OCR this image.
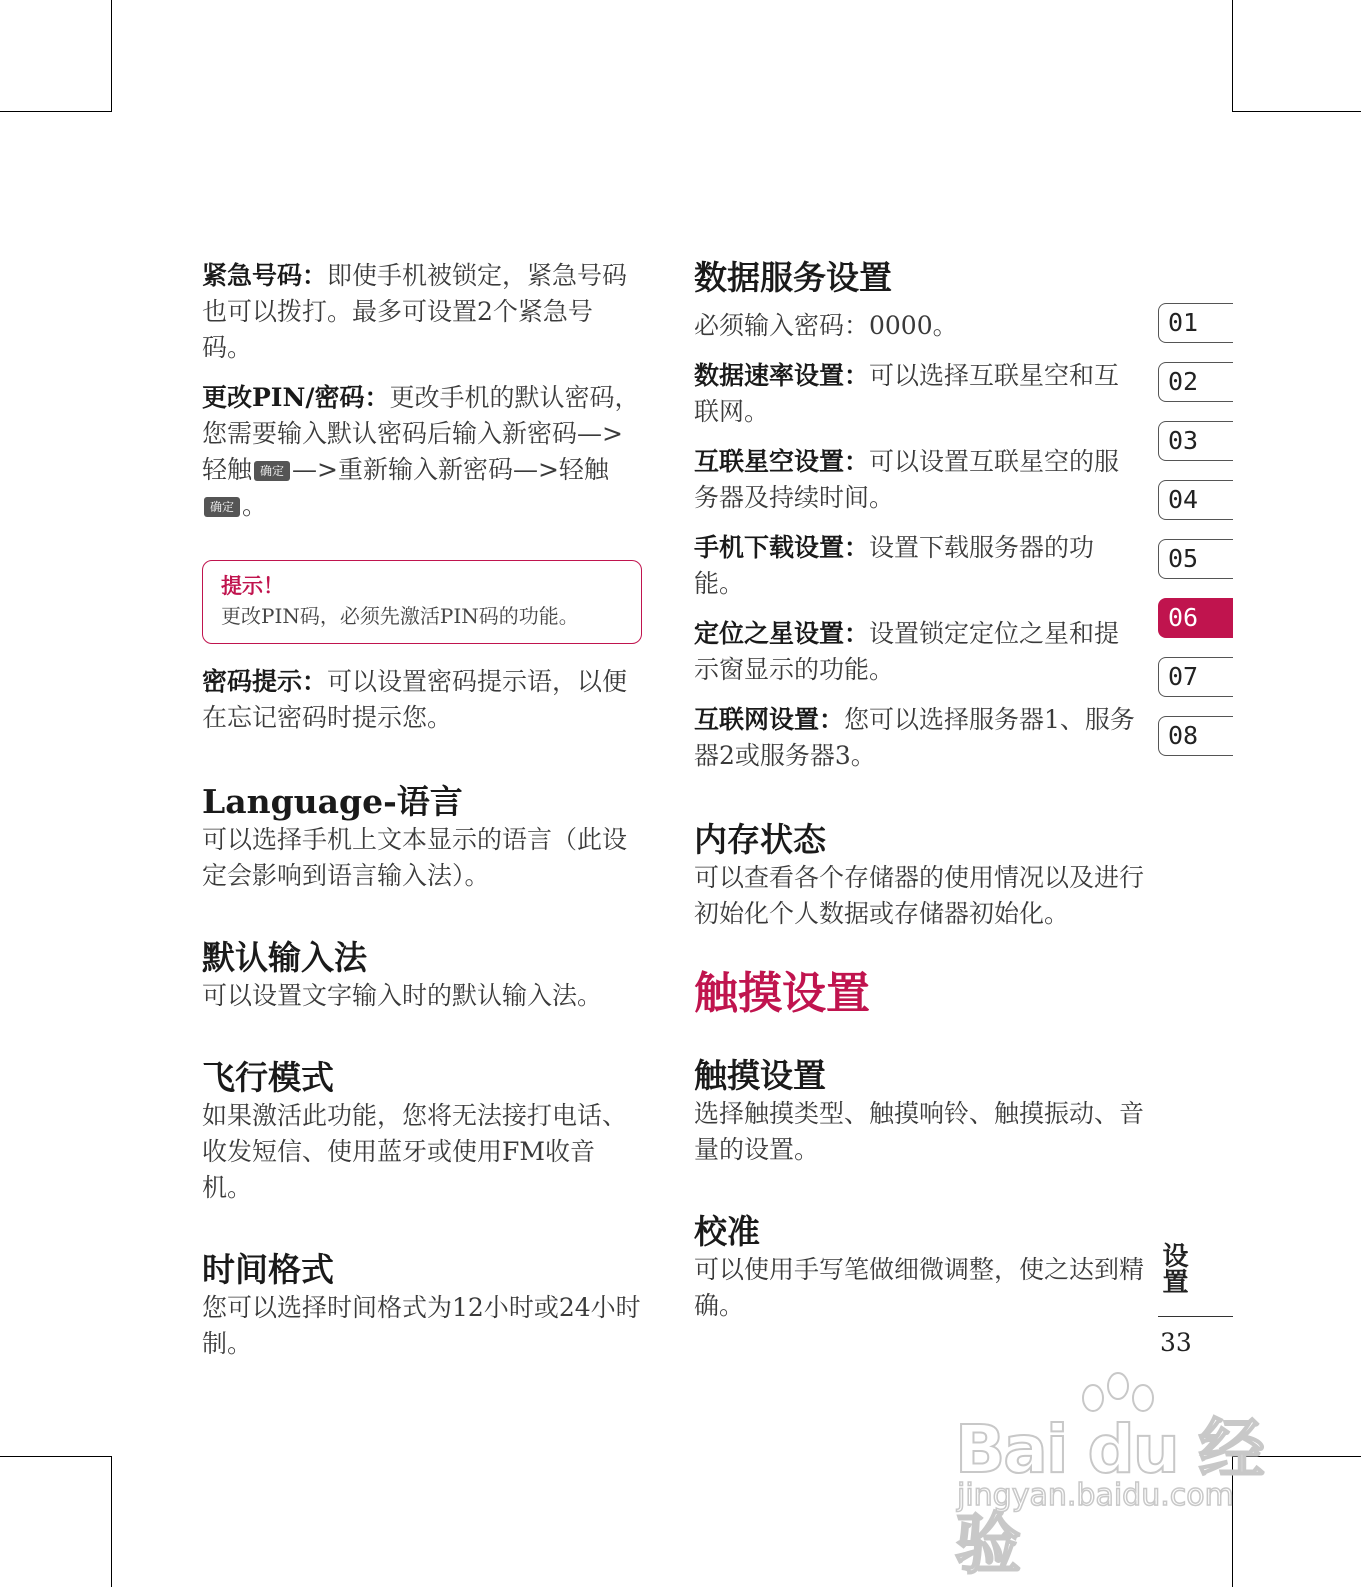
紧急号码：即使手机被锁定，紧急号码也可以拨打。最多可设置2个紧急号码。

更改PIN/密码：更改手机的默认密码，您需要输入默认密码后输入新密码—>轻触 确定 —>重新输入新密码—>轻触确定 。

提示！

更改PIN码，必须先激活PIN码的功能。

密码提示：可以设置密码提示语，以便在忘记密码时提示您。

Language-语言

可以选择手机上文本显示的语言（此设定会影响到语言输入法）。

默认输入法

可以设置文字输入时的默认输入法。

飞行模式

如果激活此功能，您将无法接打电话、收发短信、使用蓝牙或使用FM收音机。

时间格式

您可以选择时间格式为12小时或24小时制。

数据服务设置

必须输入密码：0000。

数据速率设置：可以选择互联星空和互联网。

互联星空设置：可以设置互联星空的服务器及持续时间。

手机下载设置：设置下载服务器的功能。

定位之星设置：设置锁定定位之星和提示窗显示的功能。

互联网设置：您可以选择服务器1、服务器2或服务器3。

内存状态

可以查看各个存储器的使用情况以及进行初始化个人数据或存储器初始化。

触摸设置
触摸设置

选择触摸类型、触摸响铃、触摸振动、音量的设置。

校准

可以使用手写笔做细微调整，使之达到精确。

01
02
03
04
05
06
07
08
设置
33
Bai du 经验
jingyan.baidu.com
